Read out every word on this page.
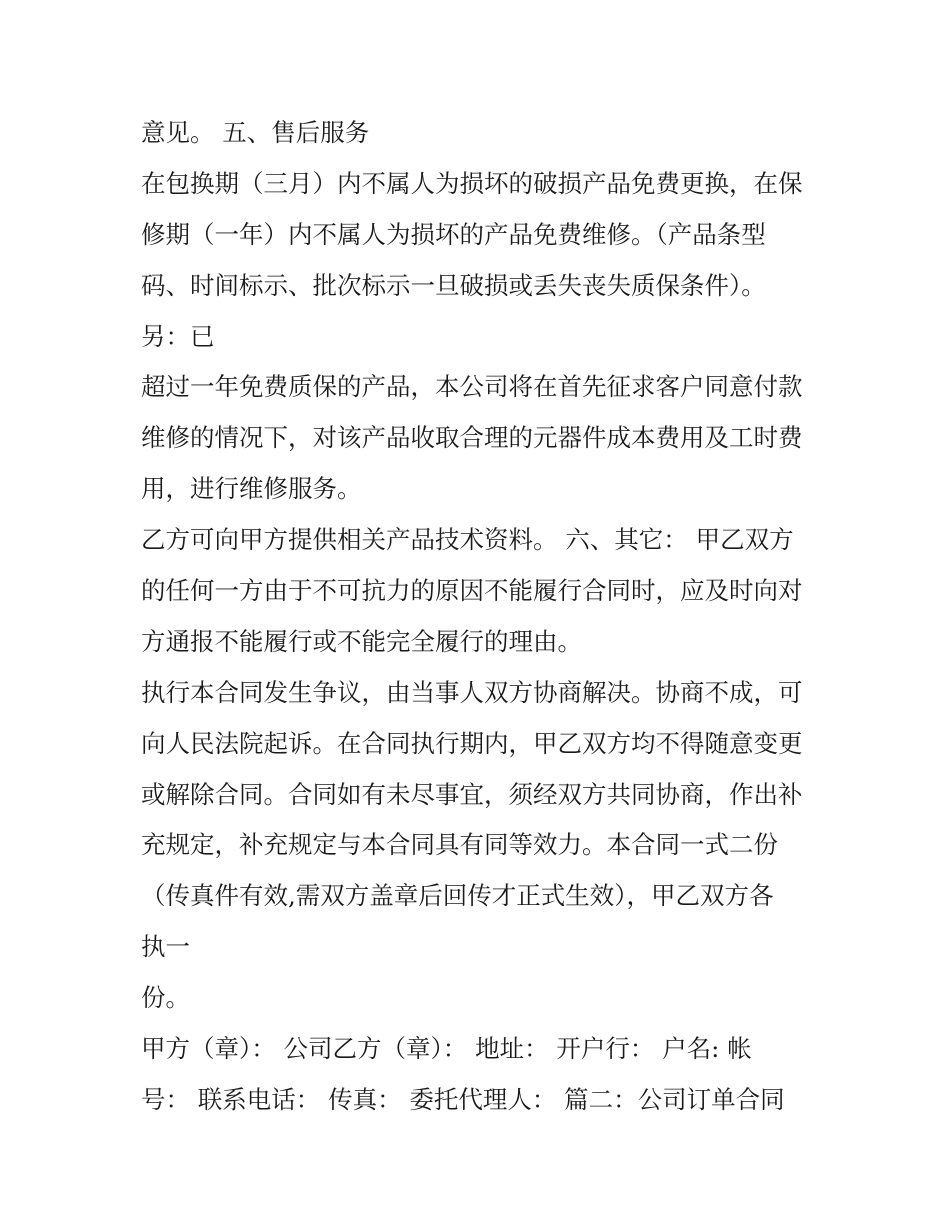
意见。 五、售后服务
在包换期（三月）内不属人为损坏的破损产品免费更换，在保
修期（一年）内不属人为损坏的产品免费维修。（产品条型
码、时间标示、批次标示一旦破损或丢失丧失质保条件）。
另：已
超过一年免费质保的产品，本公司将在首先征求客户同意付款
维修的情况下，对该产品收取合理的元器件成本费用及工时费
用，进行维修服务。
乙方可向甲方提供相关产品技术资料。 六、其它： 甲乙双方
的任何一方由于不可抗力的原因不能履行合同时，应及时向对
方通报不能履行或不能完全履行的理由。
执行本合同发生争议，由当事人双方协商解决。协商不成，可
向人民法院起诉。在合同执行期内，甲乙双方均不得随意变更
或解除合同。合同如有未尽事宜，须经双方共同协商，作出补
充规定，补充规定与本合同具有同等效力。本合同一式二份
（传真件有效,需双方盖章后回传才正式生效），甲乙双方各
执一
份。
甲方（章）： 公司乙方（章）： 地址： 开户行： 户名: 帐
号： 联系电话： 传真： 委托代理人： 篇二：公司订单合同
